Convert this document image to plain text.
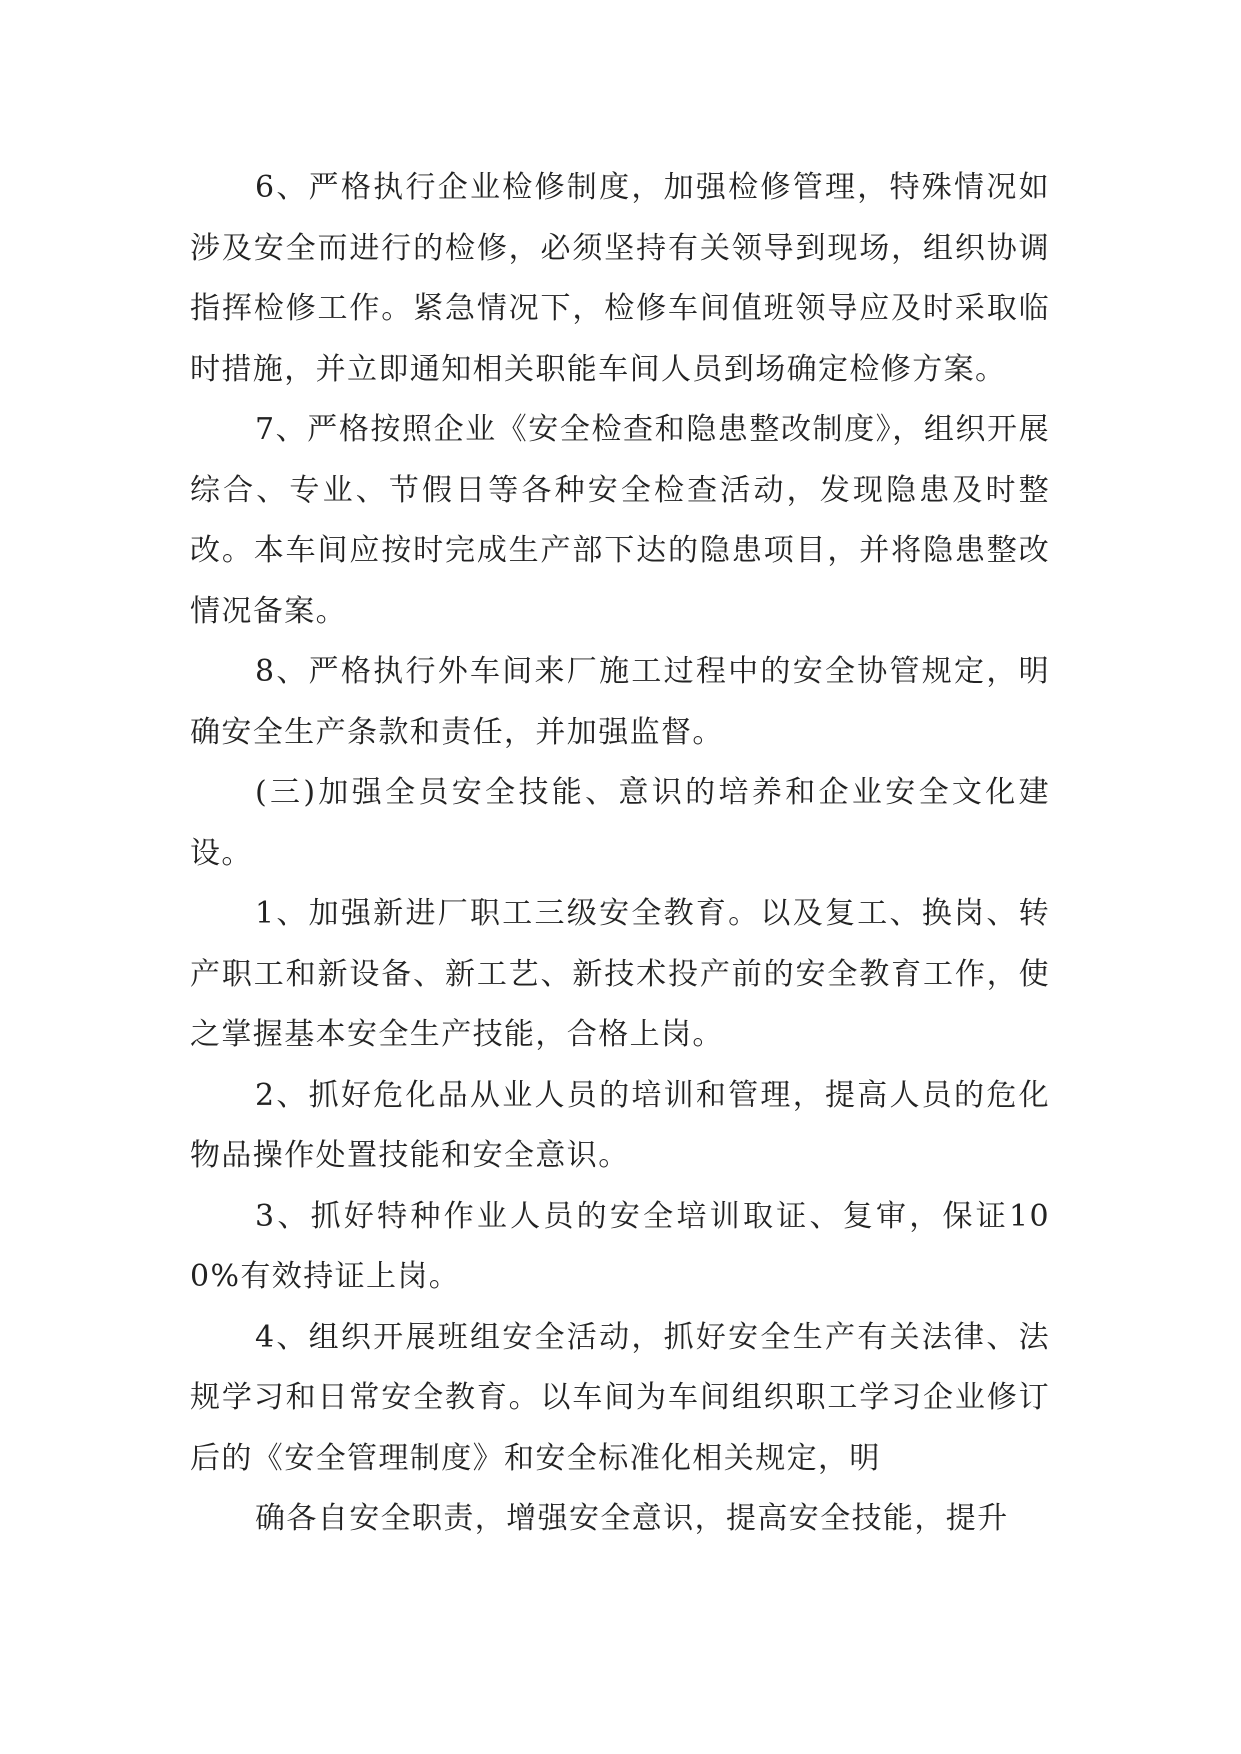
6、严格执行企业检修制度，加强检修管理，特殊情况如涉及安全而进行的检修，必须坚持有关领导到现场，组织协调指挥检修工作。紧急情况下，检修车间值班领导应及时采取临时措施，并立即通知相关职能车间人员到场确定检修方案。

7、严格按照企业《安全检查和隐患整改制度》，组织开展综合、专业、节假日等各种安全检查活动，发现隐患及时整改。本车间应按时完成生产部下达的隐患项目，并将隐患整改情况备案。

8、严格执行外车间来厂施工过程中的安全协管规定，明确安全生产条款和责任，并加强监督。

(三)加强全员安全技能、意识的培养和企业安全文化建设。

1、加强新进厂职工三级安全教育。以及复工、换岗、转产职工和新设备、新工艺、新技术投产前的安全教育工作，使之掌握基本安全生产技能，合格上岗。

2、抓好危化品从业人员的培训和管理，提高人员的危化物品操作处置技能和安全意识。

3、抓好特种作业人员的安全培训取证、复审，保证100%有效持证上岗。

4、组织开展班组安全活动，抓好安全生产有关法律、法规学习和日常安全教育。以车间为车间组织职工学习企业修订后的《安全管理制度》和安全标准化相关规定，明

确各自安全职责，增强安全意识，提高安全技能，提升
